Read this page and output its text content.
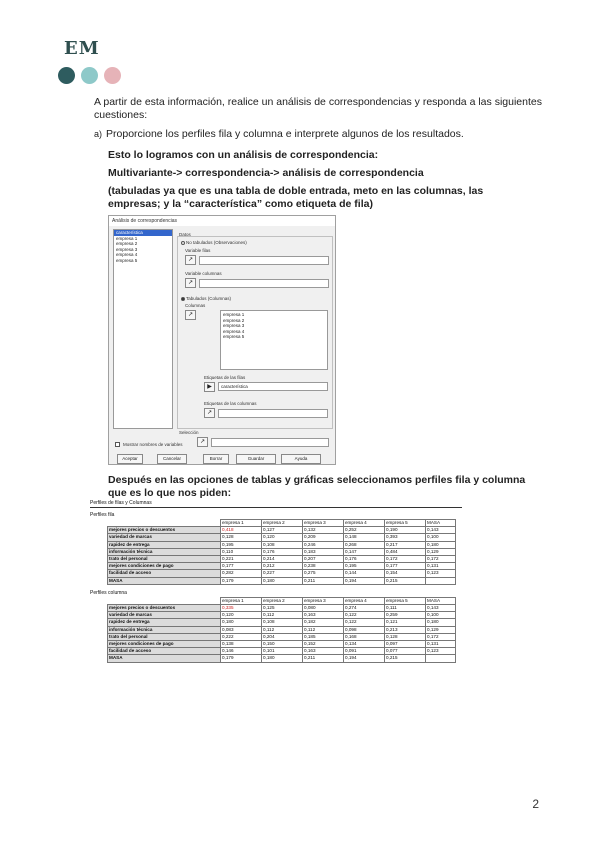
EM
A partir de esta información, realice un análisis de correspondencias y responda a las siguientes cuestiones:
a) Proporcione los perfiles fila y columna e interprete algunos de los resultados.
Esto lo logramos con un análisis de correspondencia:
Multivariante-> correspondencia-> análisis de correspondencia
(tabuladas ya que es una tabla de doble entrada, meto en las columnas, las empresas; y la “característica” como etiqueta de fila)
Análisis de correspondencias
característica
empresa 1
empresa 2
empresa 3
empresa 4
empresa 5
Datos
No tabulados (Observaciones)
Variable filas
↗
Variable columnas
↗
Tabulados (Columnas)
Columnas
↗	empresa 1
empresa 2
empresa 3
empresa 4
empresa 5
Etiquetas de las filas
▶	característica
Etiquetas de las columnas
↗
Selección
↗
Mostrar nombres de variables
Aceptar	Cancelar	Borrar	Guardar	Ayuda
Después en las opciones de tablas y gráficas seleccionamos perfiles fila y columna que es lo que nos piden:
Perfiles de filas y Columnas
Perfiles fila
	empresa 1	empresa 2	empresa 3	empresa 4	empresa 5	MASA
mejores precios o descuentos	0,418	0,127	0,132	0,252	0,190	0,143
variedad de marcas	0,128	0,120	0,209	0,148	0,393	0,100
rapidez de entrega	0,195	0,108	0,246	0,268	0,217	0,180
información técnica	0,110	0,176	0,183	0,147	0,484	0,129
trato del personal	0,221	0,214	0,207	0,176	0,172	0,172
mejores condiciones de pago	0,177	0,212	0,238	0,195	0,177	0,131
facilidad de acceso	0,282	0,227	0,275	0,144	0,154	0,123
MASA	0,179	0,180	0,211	0,194	0,215	
Perfiles columna
	empresa 1	empresa 2	empresa 3	empresa 4	empresa 5	MASA
mejores precios o descuentos	0,335	0,125	0,080	0,274	0,111	0,143
variedad de marcas	0,120	0,112	0,163	0,122	0,259	0,100
rapidez de entrega	0,180	0,108	0,182	0,122	0,121	0,180
información técnica	0,083	0,112	0,112	0,098	0,213	0,129
trato del personal	0,222	0,204	0,185	0,168	0,128	0,172
mejores condiciones de pago	0,138	0,150	0,152	0,134	0,097	0,131
facilidad de acceso	0,146	0,101	0,163	0,091	0,077	0,123
MASA	0,179	0,180	0,211	0,194	0,215	
2
